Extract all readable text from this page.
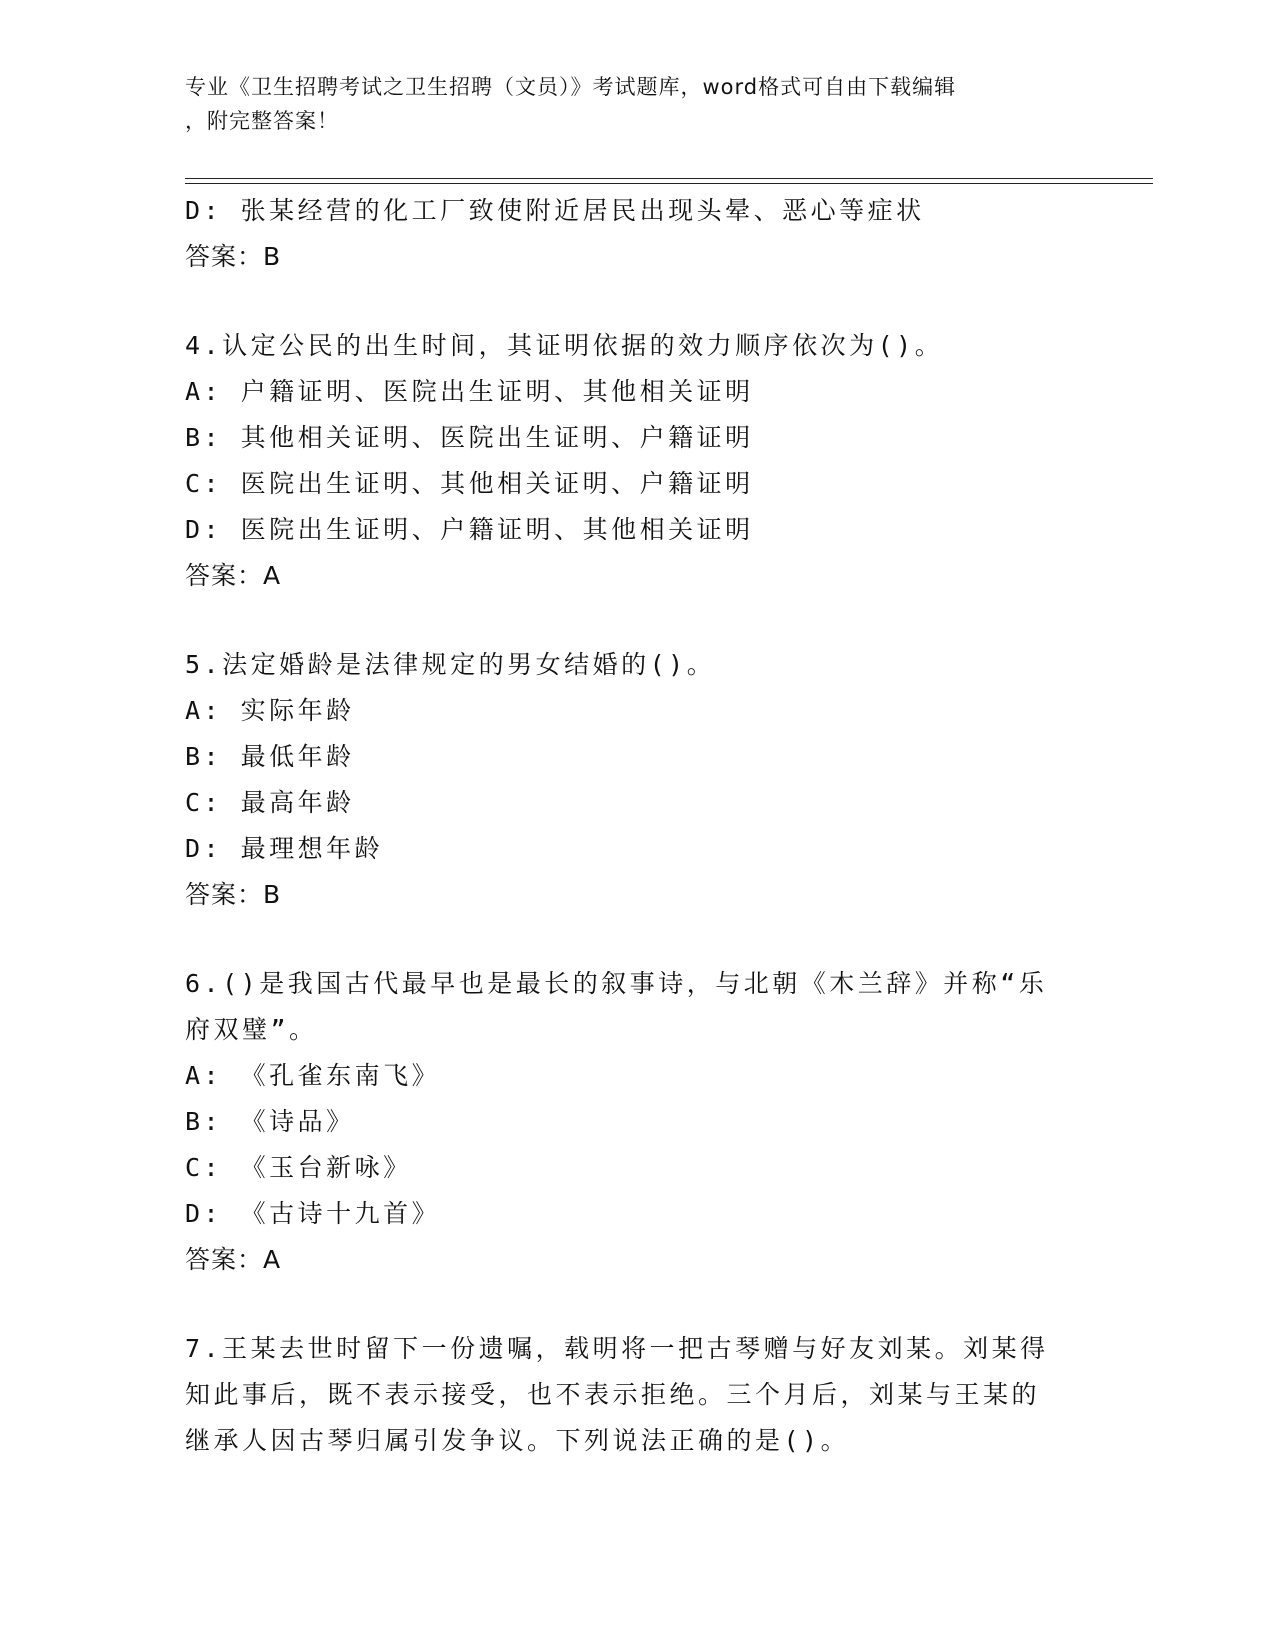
专业《卫生招聘考试之卫生招聘（文员）》考试题库，word格式可自由下载编辑
，附完整答案！
D: 张某经营的化工厂致使附近居民出现头晕、恶心等症状
答案：B
4.认定公民的出生时间，其证明依据的效力顺序依次为()。
A: 户籍证明、医院出生证明、其他相关证明
B: 其他相关证明、医院出生证明、户籍证明
C: 医院出生证明、其他相关证明、户籍证明
D: 医院出生证明、户籍证明、其他相关证明
答案：A
5.法定婚龄是法律规定的男女结婚的()。
A: 实际年龄
B: 最低年龄
C: 最高年龄
D: 最理想年龄
答案：B
6.()是我国古代最早也是最长的叙事诗，与北朝《木兰辞》并称“乐
府双璧”。
A: 《孔雀东南飞》
B: 《诗品》
C: 《玉台新咏》
D: 《古诗十九首》
答案：A
7.王某去世时留下一份遗嘱，载明将一把古琴赠与好友刘某。刘某得
知此事后，既不表示接受，也不表示拒绝。三个月后，刘某与王某的
继承人因古琴归属引发争议。下列说法正确的是()。
